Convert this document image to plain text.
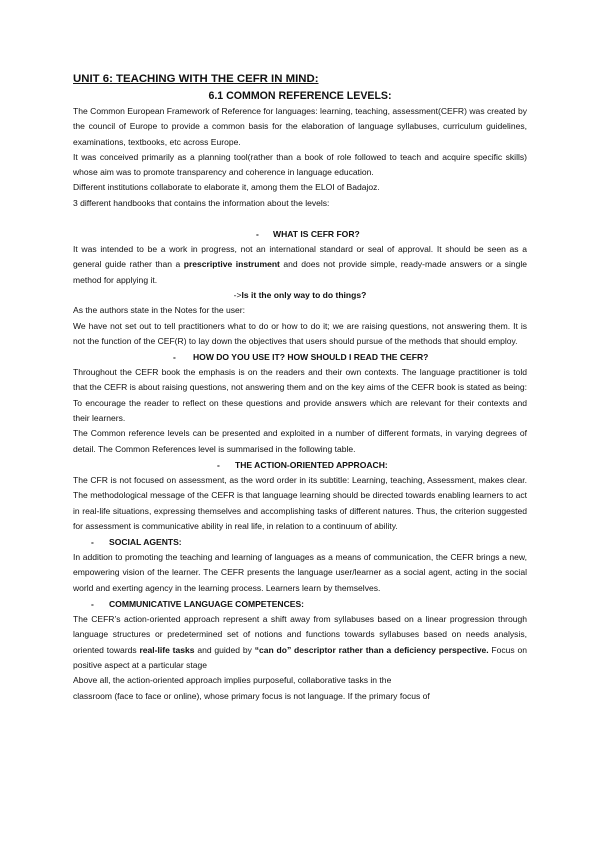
UNIT 6: TEACHING WITH THE CEFR IN MIND:
6.1 COMMON REFERENCE LEVELS:

The Common European Framework of Reference for languages: learning, teaching, assessment(CEFR) was created by the council of Europe to provide a common basis for the elaboration of language syllabuses, curriculum guidelines, examinations, textbooks, etc across Europe.

It was conceived primarily as a planning tool(rather than a book of role followed to teach and acquire specific skills) whose aim was to promote transparency and coherence in language education.

Different institutions collaborate to elaborate it, among them the ELOI of Badajoz.

3 different handbooks that contains the information about the levels:

- WHAT IS CEFR FOR?

It was intended to be a work in progress, not an international standard or seal of approval. It should be seen as a general guide rather than a prescriptive instrument and does not provide simple, ready-made answers or a single method for applying it.

->Is it the only way to do things?

As the authors state in the Notes for the user:

We have not set out to tell practitioners what to do or how to do it; we are raising questions, not answering them. It is not the function of the CEF(R) to lay down the objectives that users should pursue of the methods that should employ.

- HOW DO YOU USE IT? HOW SHOULD I READ THE CEFR?

Throughout the CEFR book the emphasis is on the readers and their own contexts. The language practitioner is told that the CEFR is about raising questions, not answering them and on the key aims of the CEFR book is stated as being: To encourage the reader to reflect on these questions and provide answers which are relevant for their contexts and their learners.

The Common reference levels can be presented and exploited in a number of different formats, in varying degrees of detail. The Common References level is summarised in the following table.

- THE ACTION-ORIENTED APPROACH:

The CFR is not focused on assessment, as the word order in its subtitle: Learning, teaching, Assessment, makes clear. The methodological message of the CEFR is that language learning should be directed towards enabling learners to act in real-life situations, expressing themselves and accomplishing tasks of different natures. Thus, the criterion suggested for assessment is communicative ability in real life, in relation to a continuum of ability.

- SOCIAL AGENTS:

In addition to promoting the teaching and learning of languages as a means of communication, the CEFR brings a new, empowering vision of the learner. The CEFR presents the language user/learner as a social agent, acting in the social world and exerting agency in the learning process. Learners learn by themselves.

- COMMUNICATIVE LANGUAGE COMPETENCES:

The CEFR’s action-oriented approach represent a shift away from syllabuses based on a linear progression through language structures or predetermined set of notions and functions towards syllabuses based on needs analysis, oriented towards real-life tasks and guided by “can do” descriptor rather than a deficiency perspective. Focus on positive aspect at a particular stage

Above all, the action-oriented approach implies purposeful, collaborative tasks in the

classroom (face to face or online), whose primary focus is not language. If the primary focus of
